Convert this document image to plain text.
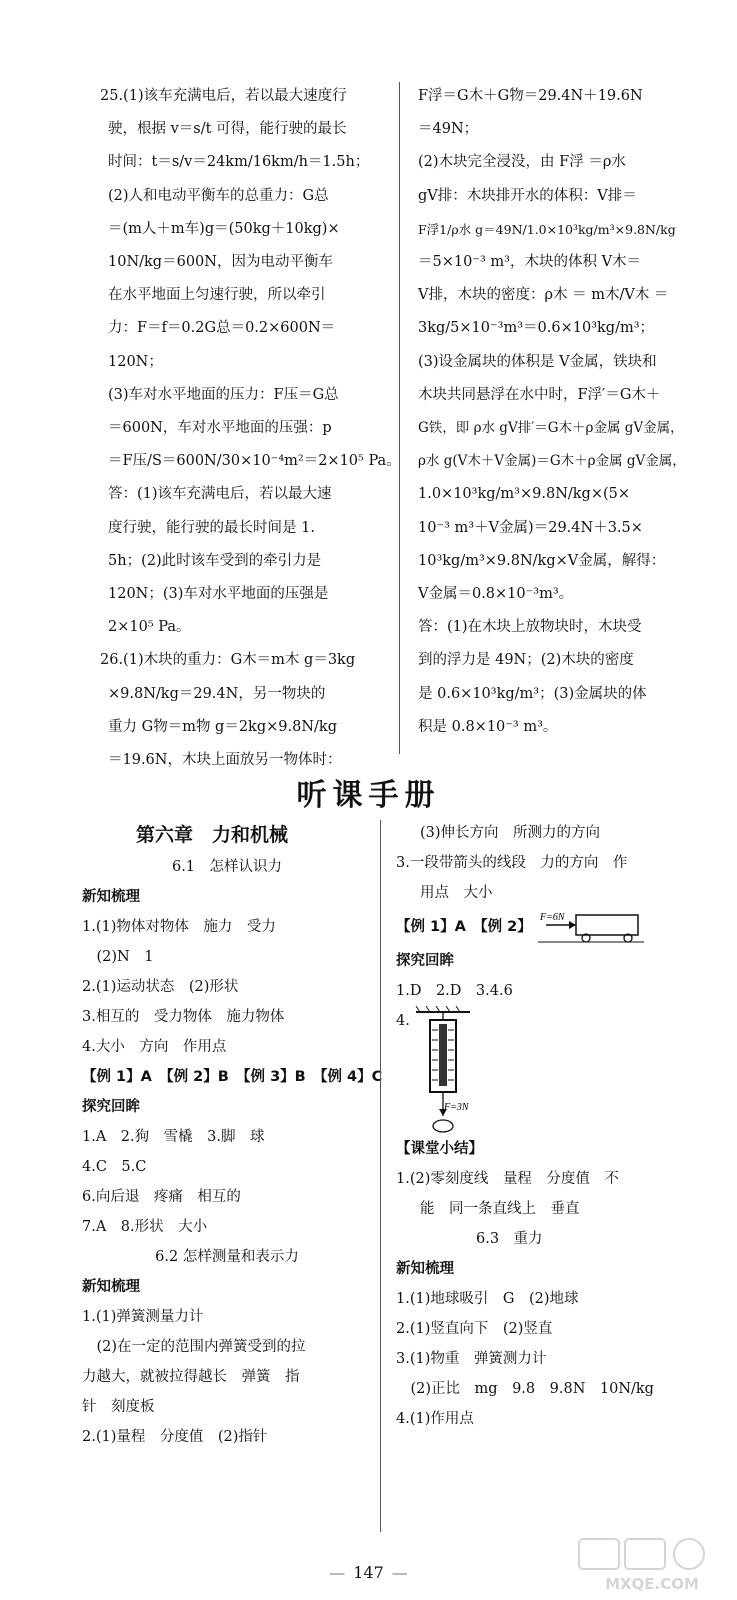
25.(1)该车充满电后，若以最大速度行
驶，根据 v＝s/t 可得，能行驶的最长
时间：t＝s/v＝24km/16km/h＝1.5h；
(2)人和电动平衡车的总重力：G总
＝(m人＋m车)g＝(50kg＋10kg)×
10N/kg＝600N，因为电动平衡车
在水平地面上匀速行驶，所以牵引
力：F＝f＝0.2G总＝0.2×600N＝
120N；
(3)车对水平地面的压力：F压＝G总
＝600N，车对水平地面的压强：p
＝F压/S＝600N/30×10⁻⁴m²＝2×10⁵ Pa。
答：(1)该车充满电后，若以最大速
度行驶，能行驶的最长时间是 1.
5h；(2)此时该车受到的牵引力是
120N；(3)车对水平地面的压强是
2×10⁵ Pa。
26.(1)木块的重力：G木＝m木 g＝3kg
×9.8N/kg＝29.4N，另一物块的
重力 G物＝m物 g＝2kg×9.8N/kg
＝19.6N，木块上面放另一物体时：
F浮＝G木＋G物＝29.4N＋19.6N
＝49N；
(2)木块完全浸没，由 F浮 ＝ρ水
gV排：木块排开水的体积：V排＝
F浮1/ρ水 g＝49N/1.0×10³kg/m³×9.8N/kg
＝5×10⁻³ m³，木块的体积 V木＝
V排，木块的密度：ρ木 ＝ m木/V木 ＝
3kg/5×10⁻³m³＝0.6×10³kg/m³；
(3)设金属块的体积是 V金属，铁块和
木块共同悬浮在水中时，F浮′＝G木＋
G铁，即 ρ水 gV排′＝G木＋ρ金属 gV金属，
ρ水 g(V木＋V金属)＝G木＋ρ金属 gV金属，
1.0×10³kg/m³×9.8N/kg×(5×
10⁻³ m³＋V金属)＝29.4N＋3.5×
10³kg/m³×9.8N/kg×V金属，解得：
V金属＝0.8×10⁻³m³。
答：(1)在木块上放物块时，木块受
到的浮力是 49N；(2)木块的密度
是 0.6×10³kg/m³；(3)金属块的体
积是 0.8×10⁻³ m³。
听课手册
第六章　力和机械
6.1　怎样认识力
新知梳理
1.(1)物体对物体　施力　受力
　(2)N　1
2.(1)运动状态　(2)形状
3.相互的　受力物体　施力物体
4.大小　方向　作用点
【例 1】A　【例 2】B　【例 3】B　【例 4】C
探究回眸
1.A　2.狗　雪橇　3.脚　球
4.C　5.C
6.向后退　疼痛　相互的
7.A　8.形状　大小
6.2 怎样测量和表示力
新知梳理
1.(1)弹簧测量力计
　(2)在一定的范围内弹簧受到的拉
力越大，就被拉得越长　弹簧　指
针　刻度板
2.(1)量程　分度值　(2)指针
(3)伸长方向　所测力的方向
3.一段带箭头的线段　力的方向　作
用点　大小
【例 1】A　【例 2】
F=6N
探究回眸
1.D　2.D　3.4.6
4.
F=3N
【课堂小结】
1.(2)零刻度线　量程　分度值　不
能　同一条直线上　垂直
6.3　重力
新知梳理
1.(1)地球吸引　G　(2)地球
2.(1)竖直向下　(2)竖直
3.(1)物重　弹簧测力计
　(2)正比　mg　9.8　9.8N　10N/kg
4.(1)作用点
— 147 —
MXQE.COM
